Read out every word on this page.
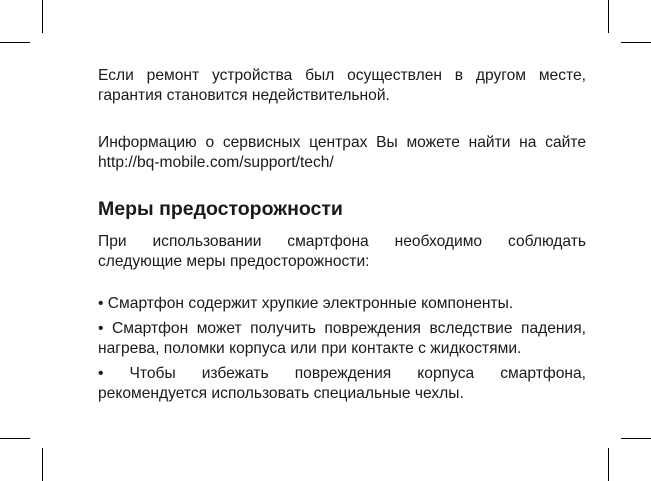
Если ремонт устройства был осуществлен в другом месте, гарантия становится недействительной.

Информацию о сервисных центрах Вы можете найти на сайте http://bq-mobile.com/support/tech/

Меры предосторожности

При использовании смартфона необходимо соблюдать следующие меры предосторожности:

• Смартфон содержит хрупкие электронные компоненты.

• Смартфон может получить повреждения вследствие падения, нагрева, поломки корпуса или при контакте с жидкостями.

• Чтобы избежать повреждения корпуса смартфона, рекомендуется использовать специальные чехлы.
